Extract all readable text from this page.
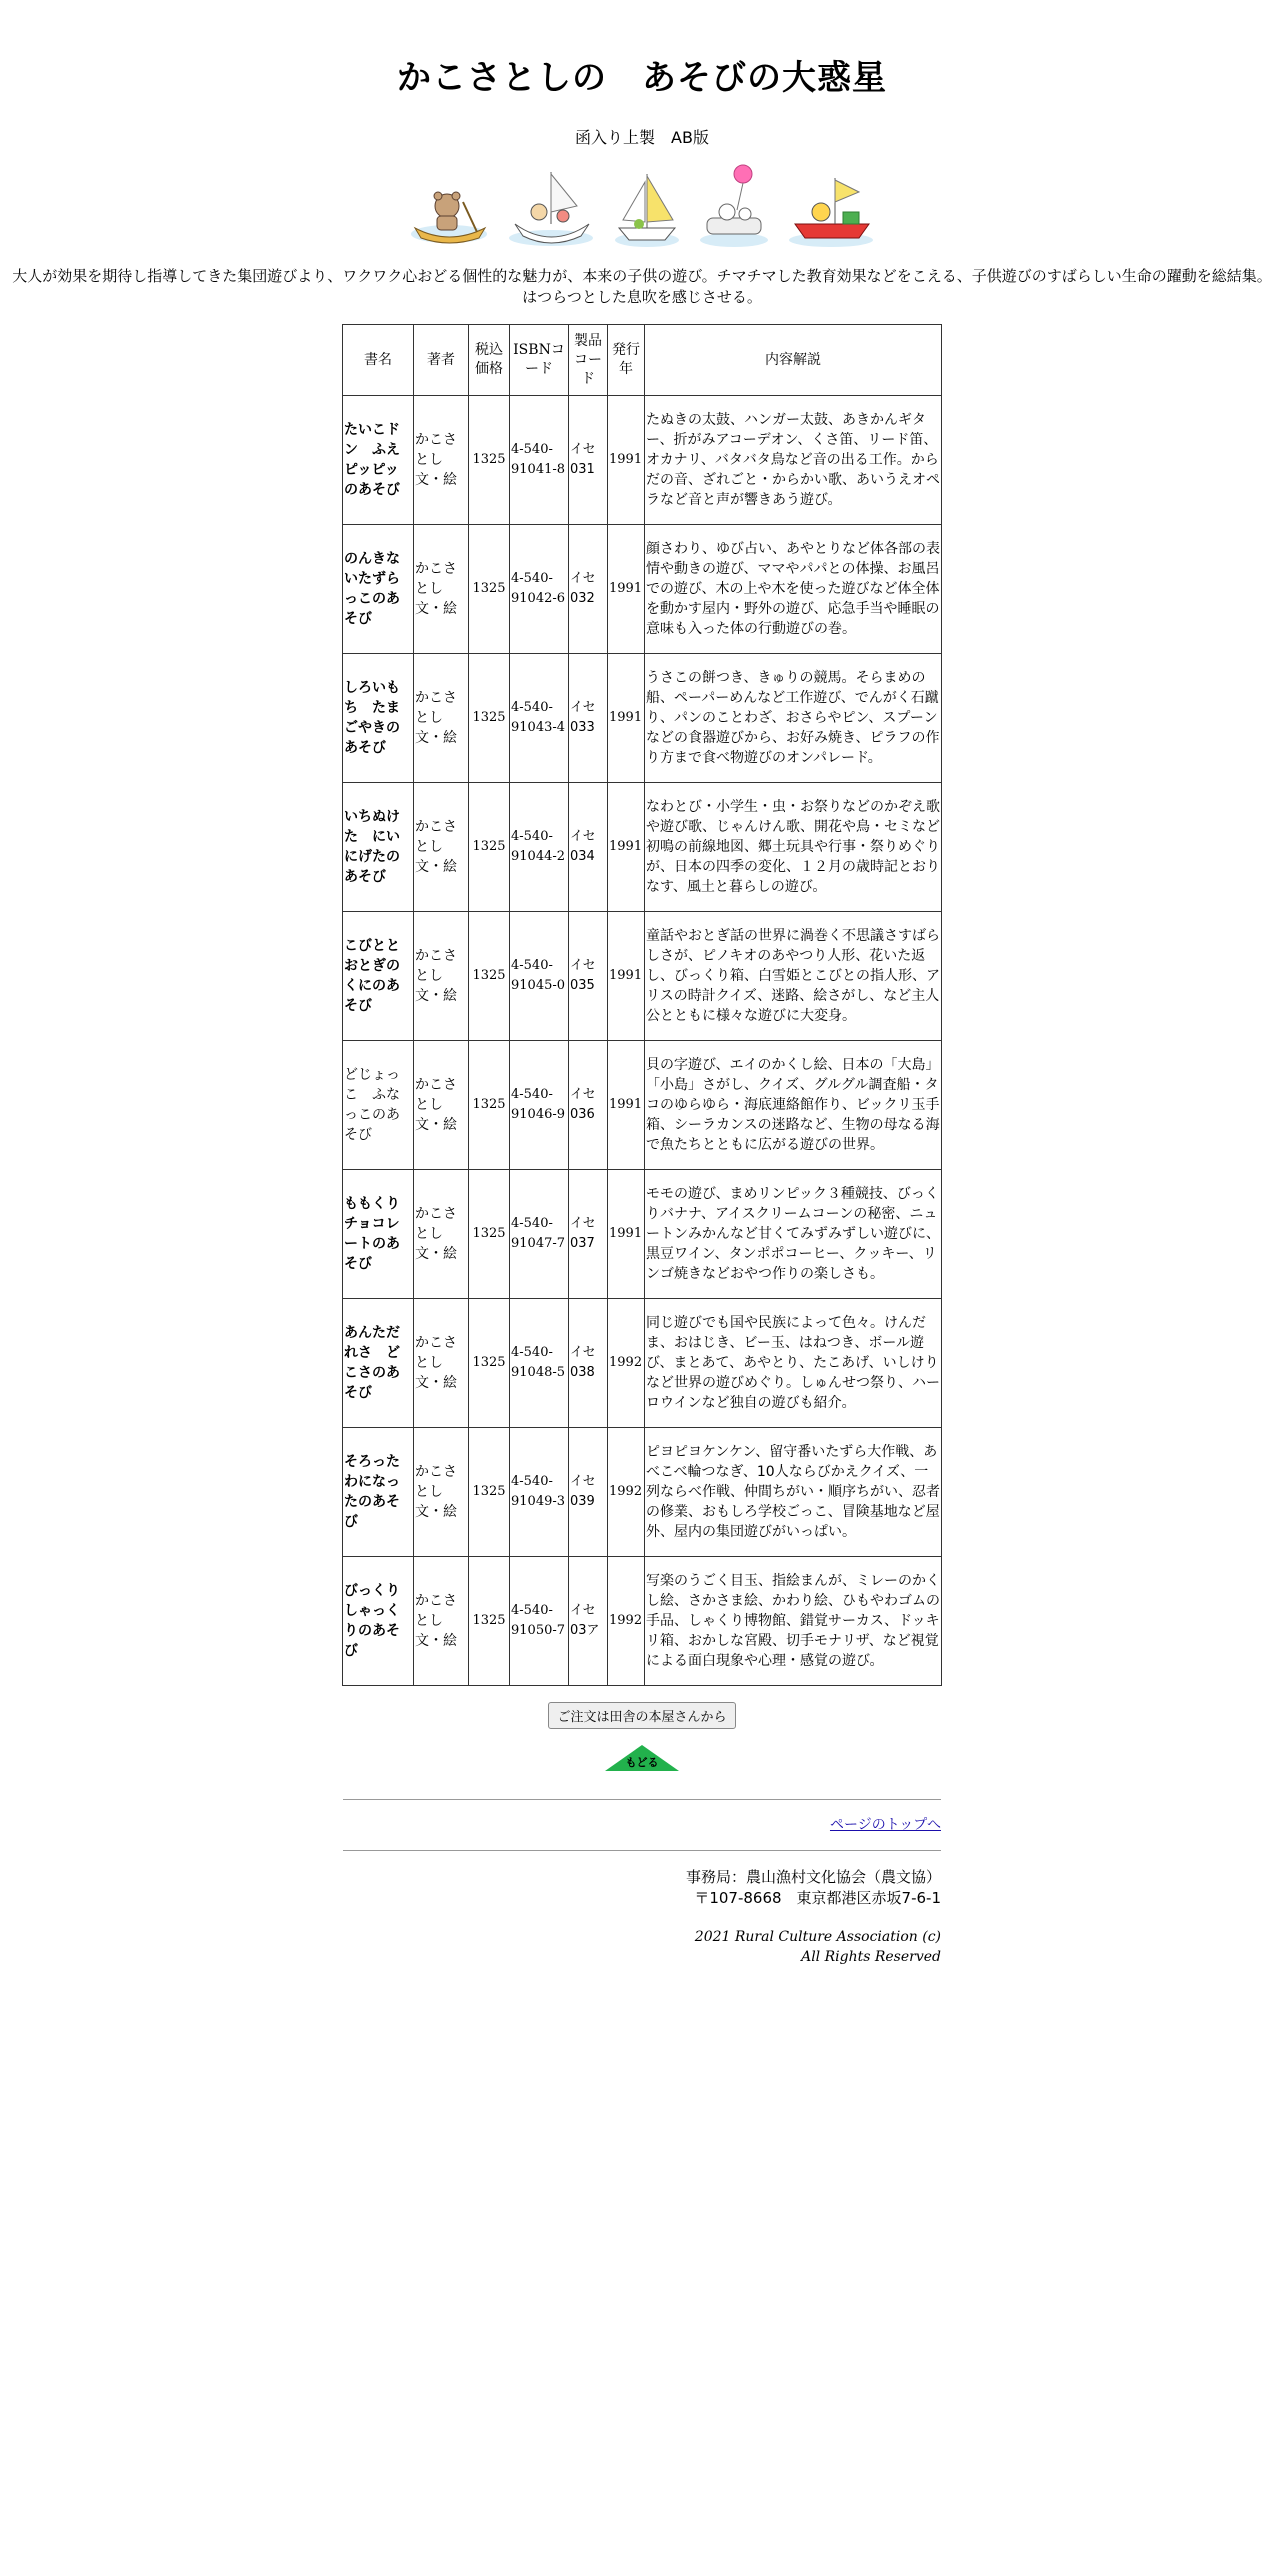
かこさとしの　あそびの大惑星
函入り上製　AB版

大人が効果を期待し指導してきた集団遊びより、ワクワク心おどる個性的な魅力が、本来の子供の遊び。チマチマした教育効果などをこえる、子供遊びのすばらしい生命の躍動を総結集。はつらつとした息吹を感じさせる。

書名	著者	税込価格	ISBNコード	製品コード	発行年	内容解説
たいこドン　ふえピッピッのあそび	かこさとし文・絵	1325	4-540-91041-8	イセ031	1991	たぬきの太鼓、ハンガー太鼓、あきかんギター、折がみアコーデオン、くさ笛、リード笛、オカナリ、バタバタ鳥など音の出る工作。からだの音、ざれごと・からかい歌、あいうえオペラなど音と声が響きあう遊び。
のんきないたずらっこのあそび	かこさとし文・絵	1325	4-540-91042-6	イセ032	1991	顔さわり、ゆび占い、あやとりなど体各部の表情や動きの遊び、ママやパパとの体操、お風呂での遊び、木の上や木を使った遊びなど体全体を動かす屋内・野外の遊び、応急手当や睡眠の意味も入った体の行動遊びの巻。
しろいもち　たまごやきのあそび	かこさとし文・絵	1325	4-540-91043-4	イセ033	1991	うさこの餅つき、きゅりの競馬。そらまめの船、ペーパーめんなど工作遊び、でんがく石蹴り、パンのことわざ、おさらやピン、スプーンなどの食器遊びから、お好み焼き、ピラフの作り方まで食べ物遊びのオンパレード。
いちぬけた　にいにげたのあそび	かこさとし文・絵	1325	4-540-91044-2	イセ034	1991	なわとび・小学生・虫・お祭りなどのかぞえ歌や遊び歌、じゃんけん歌、開花や鳥・セミなど初鳴の前線地図、郷土玩具や行事・祭りめぐりが、日本の四季の変化、１２月の歳時記とおりなす、風土と暮らしの遊び。
こびととおとぎのくにのあそび	かこさとし文・絵	1325	4-540-91045-0	イセ035	1991	童話やおとぎ話の世界に渦巻く不思議さすばらしさが、ピノキオのあやつり人形、花いた返し、びっくり箱、白雪姫とこびとの指人形、アリスの時計クイズ、迷路、絵さがし、など主人公とともに様々な遊びに大変身。
どじょっこ　ふなっこのあそび	かこさとし文・絵	1325	4-540-91046-9	イセ036	1991	貝の字遊び、エイのかくし絵、日本の「大島」「小島」さがし、クイズ、グルグル調査船・タコのゆらゆら・海底連絡館作り、ビックリ玉手箱、シーラカンスの迷路など、生物の母なる海で魚たちとともに広がる遊びの世界。
ももくりチョコレートのあそび	かこさとし文・絵	1325	4-540-91047-7	イセ037	1991	モモの遊び、まめリンピック３種競技、びっくりバナナ、アイスクリームコーンの秘密、ニュートンみかんなど甘くてみずみずしい遊びに、黒豆ワイン、タンポポコーヒー、クッキー、リンゴ焼きなどおやつ作りの楽しさも。
あんただれさ　どこさのあそび	かこさとし文・絵	1325	4-540-91048-5	イセ038	1992	同じ遊びでも国や民族によって色々。けんだま、おはじき、ビー玉、はねつき、ボール遊び、まとあて、あやとり、たこあげ、いしけりなど世界の遊びめぐり。しゅんせつ祭り、ハーロウインなど独自の遊びも紹介。
そろったわになったのあそび	かこさとし文・絵	1325	4-540-91049-3	イセ039	1992	ピヨピヨケンケン、留守番いたずら大作戦、あべこべ輪つなぎ、10人ならびかえクイズ、一列ならべ作戦、仲間ちがい・順序ちがい、忍者の修業、おもしろ学校ごっこ、冒険基地など屋外、屋内の集団遊びがいっぱい。
びっくりしゃっくりのあそび	かこさとし文・絵	1325	4-540-91050-7	イセ03ア	1992	写楽のうごく目玉、指絵まんが、ミレーのかくし絵、さかさま絵、かわり絵、ひもやわゴムの手品、しゃくり博物館、錯覚サーカス、ドッキリ箱、おかしな宮殿、切手モナリザ、など視覚による面白現象や心理・感覚の遊び。
ご注文は田舎の本屋さんから
もどる
ページのトップへ
事務局：農山漁村文化協会（農文協）
〒107-8668　東京都港区赤坂7-6-1
2021 Rural Culture Association (c)
All Rights Reserved
